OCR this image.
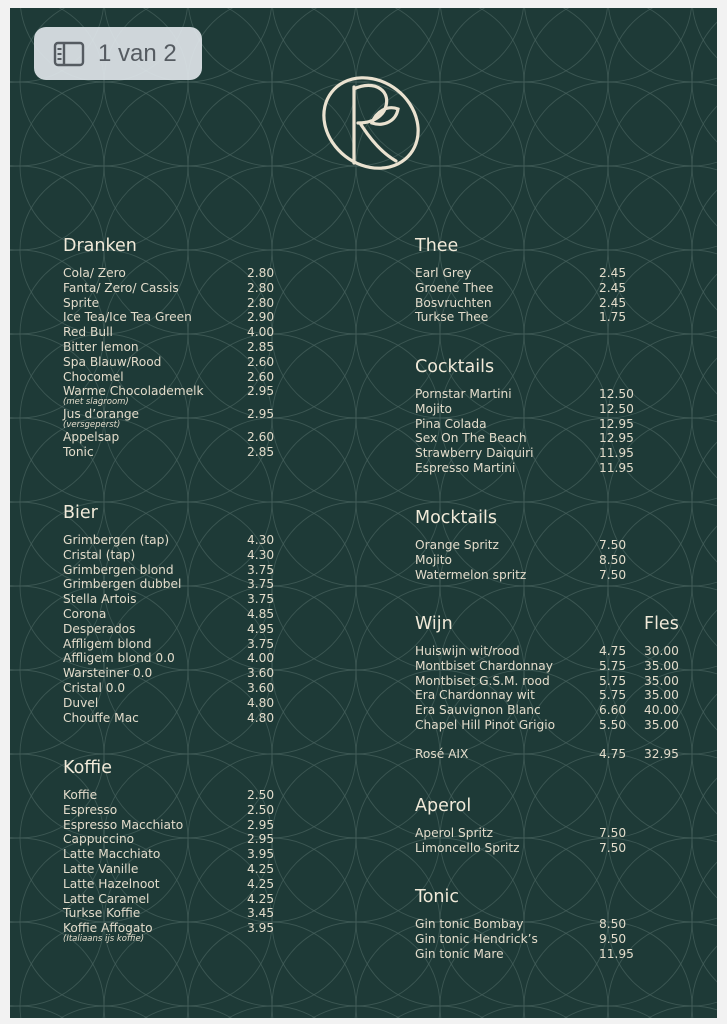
Dranken
Cola/ Zero	2.80
Fanta/ Zero/ Cassis	2.80
Sprite	2.80
Ice Tea/Ice Tea Green	2.90
Red Bull	4.00
Bitter lemon	2.85
Spa Blauw/Rood	2.60
Chocomel	2.60
Warme Chocolademelk	2.95
(met slagroom)
Jus d’orange	2.95
(versgeperst)
Appelsap	2.60
Tonic	2.85
Bier
Grimbergen (tap)	4.30
Cristal (tap)	4.30
Grimbergen blond	3.75
Grimbergen dubbel	3.75
Stella Artois	3.75
Corona	4.85
Desperados	4.95
Affligem blond	3.75
Affligem blond 0.0	4.00
Warsteiner 0.0	3.60
Cristal 0.0	3.60
Duvel	4.80
Chouffe Mac	4.80
Koffie
Koffie	2.50
Espresso	2.50
Espresso Macchiato	2.95
Cappuccino	2.95
Latte Macchiato	3.95
Latte Vanille	4.25
Latte Hazelnoot	4.25
Latte Caramel	4.25
Turkse Koffie	3.45
Koffie Affogato	3.95
(Italiaans ijs koffie)
Thee
Earl Grey	2.45
Groene Thee	2.45
Bosvruchten	2.45
Turkse Thee	1.75
Cocktails
Pornstar Martini	12.50
Mojito	12.50
Pina Colada	12.95
Sex On The Beach	12.95
Strawberry Daiquiri	11.95
Espresso Martini	11.95
Mocktails
Orange Spritz	7.50
Mojito	8.50
Watermelon spritz	7.50
Wijn	Fles
Huiswijn wit/rood	4.75 30.00
Montbiset Chardonnay	5.75 35.00
Montbiset G.S.M. rood	5.75 35.00
Era Chardonnay wit	5.75 35.00
Era Sauvignon Blanc	6.60 40.00
Chapel Hill Pinot Grigio	5.50 35.00
Rosé AIX	4.75 32.95
Aperol
Aperol Spritz	7.50
Limoncello Spritz	7.50
Tonic
Gin tonic Bombay	8.50
Gin tonic Hendrick’s	9.50
Gin tonic Mare	11.95
1 van 2
